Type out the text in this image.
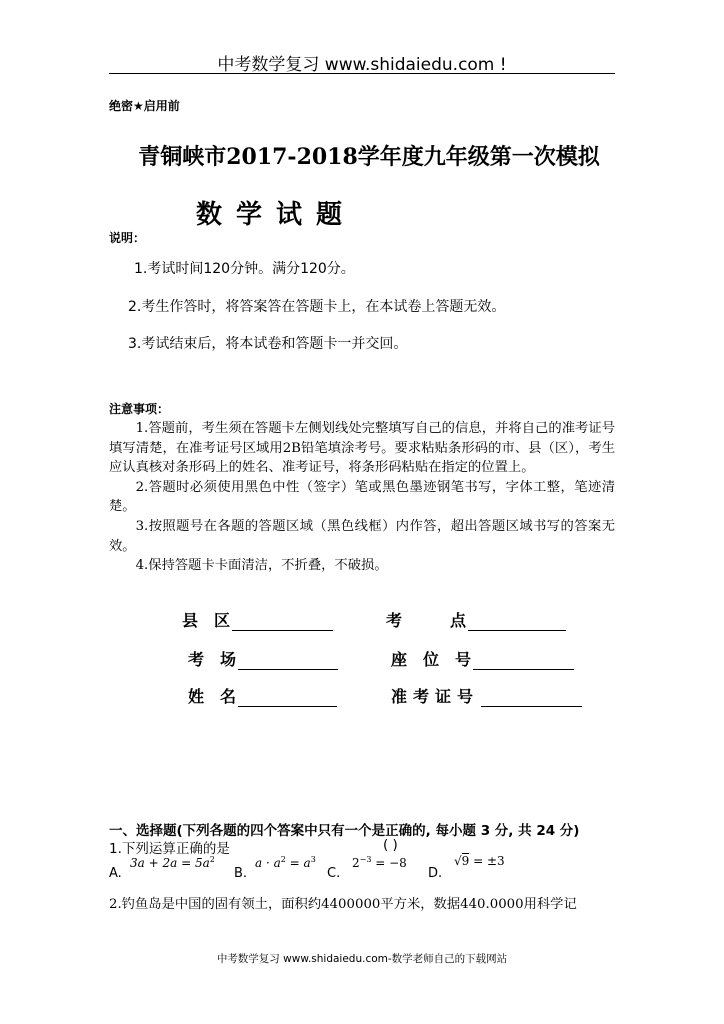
中考数学复习 www.shidaiedu.com !
绝密★启用前
青铜峡市2017-2018学年度九年级第一次模拟
数学试题
说明：
1.考试时间120分钟。满分120分。
2.考生作答时，将答案答在答题卡上，在本试卷上答题无效。
3.考试结束后，将本试卷和答题卡一并交回。
注意事项：

1.答题前，考生须在答题卡左侧划线处完整填写自己的信息，并将自己的准考证号填写清楚，在准考证号区域用2B铅笔填涂考号。要求粘贴条形码的市、县（区），考生应认真核对条形码上的姓名、准考证号，将条形码粘贴在指定的位置上。

2.答题时必须使用黑色中性（签字）笔或黑色墨迹钢笔书写，字体工整，笔迹清楚。

3.按照题号在各题的答题区域（黑色线框）内作答，超出答题区域书写的答案无效。

4.保持答题卡卡面清洁，不折叠，不破损。

县　区	考　　　点
考　场	座　位　号
姓　名	准考证号
一、选择题(下列各题的四个答案中只有一个是正确的, 每小题 3 分, 共 24 分)
1.下列运算正确的是	( )
A.
$3a + 2a = 5a^2$
B.
$a \cdot a^2 = a^3$
C.
$2^{-3} = -8$
D.
√9 = ±3
2.钓鱼岛是中国的固有领土，面积约4400000平方米，数据440.0000用科学记
中考数学复习 www.shidaiedu.com-数学老师自己的下载网站
